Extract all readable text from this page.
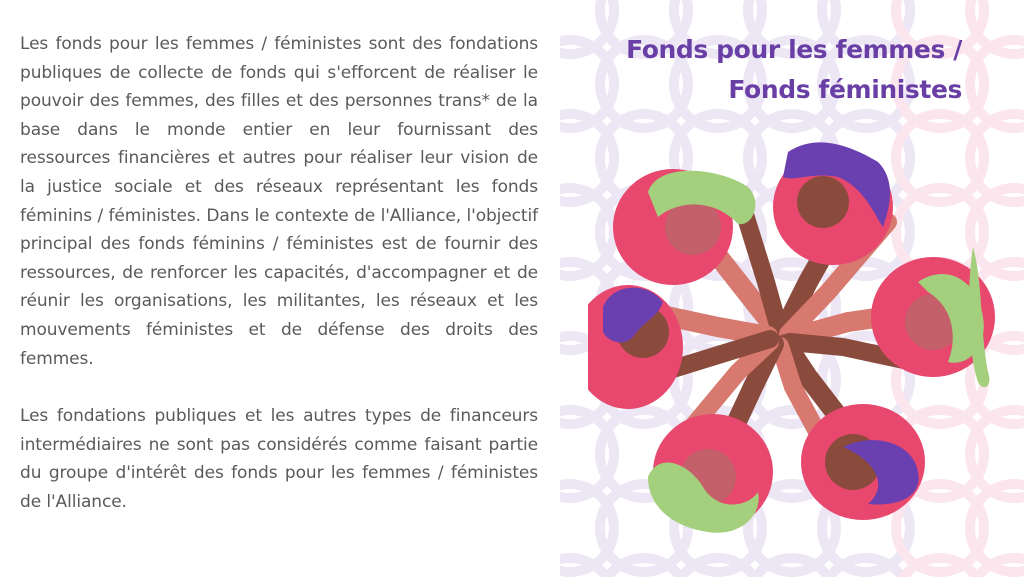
Les fonds pour les femmes / féministes sont des fondations publiques de collecte de fonds qui s'efforcent de réaliser le pouvoir des femmes, des filles et des personnes trans* de la base dans le monde entier en leur fournissant des ressources financières et autres pour réaliser leur vision de la justice sociale et des réseaux représentant les fonds féminins / féministes. Dans le contexte de l'Alliance, l'objectif principal des fonds féminins / féministes est de fournir des ressources, de renforcer les capacités, d'accompagner et de réunir les organisations, les militantes, les réseaux et les mouvements féministes et de défense des droits des femmes.

Les fondations publiques et les autres types de financeurs intermédiaires ne sont pas considérés comme faisant partie du groupe d'intérêt des fonds pour les femmes / féministes de l'Alliance.

Fonds pour les femmes /
Fonds féministes
